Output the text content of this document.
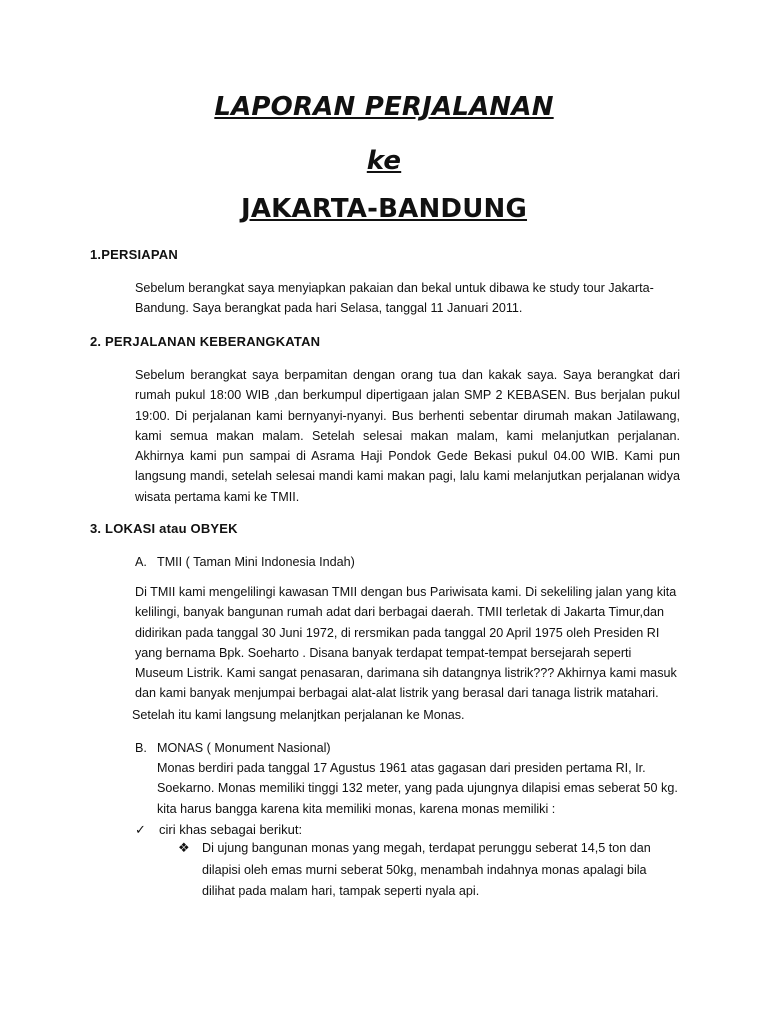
LAPORAN PERJALANAN
ke
JAKARTA-BANDUNG

1.PERSIAPAN

Sebelum berangkat saya menyiapkan pakaian dan bekal untuk dibawa ke study tour Jakarta-Bandung. Saya berangkat pada hari Selasa, tanggal 11 Januari 2011.

2. PERJALANAN KEBERANGKATAN

Sebelum berangkat saya berpamitan dengan orang tua dan kakak saya. Saya berangkat dari rumah pukul 18:00 WIB ,dan berkumpul dipertigaan jalan SMP 2 KEBASEN. Bus berjalan pukul 19:00. Di perjalanan kami bernyanyi-nyanyi. Bus berhenti sebentar dirumah makan Jatilawang, kami semua makan malam. Setelah selesai makan malam, kami melanjutkan perjalanan. Akhirnya kami pun sampai di Asrama Haji Pondok Gede Bekasi pukul 04.00 WIB. Kami pun langsung mandi, setelah selesai mandi kami makan pagi, lalu kami melanjutkan perjalanan widya wisata pertama kami ke TMII.

3. LOKASI atau OBYEK

A. TMII ( Taman Mini Indonesia Indah)

Di TMII kami mengelilingi kawasan TMII dengan bus Pariwisata kami. Di sekeliling jalan yang kita kelilingi, banyak bangunan rumah adat dari berbagai daerah. TMII terletak di Jakarta Timur,dan didirikan pada tanggal 30 Juni 1972, di rersmikan pada tanggal 20 April 1975 oleh Presiden RI yang bernama Bpk. Soeharto . Disana banyak terdapat tempat-tempat bersejarah seperti Museum Listrik. Kami sangat penasaran, darimana sih datangnya listrik??? Akhirnya kami masuk dan kami banyak menjumpai berbagai alat-alat listrik yang berasal dari tanaga listrik matahari.

Setelah itu kami langsung melanjtkan perjalanan ke Monas.

B. MONAS ( Monument Nasional)

Monas berdiri pada tanggal 17 Agustus 1961 atas gagasan dari presiden pertama RI, Ir. Soekarno. Monas memiliki tinggi 132 meter, yang pada ujungnya dilapisi emas seberat 50 kg. kita harus bangga karena kita memiliki monas, karena monas memiliki :

✓ ciri khas sebagai berikut:

❖ Di ujung bangunan monas yang megah, terdapat perunggu seberat 14,5 ton dan dilapisi oleh emas murni seberat 50kg, menambah indahnya monas apalagi bila dilihat pada malam hari, tampak seperti nyala api.
